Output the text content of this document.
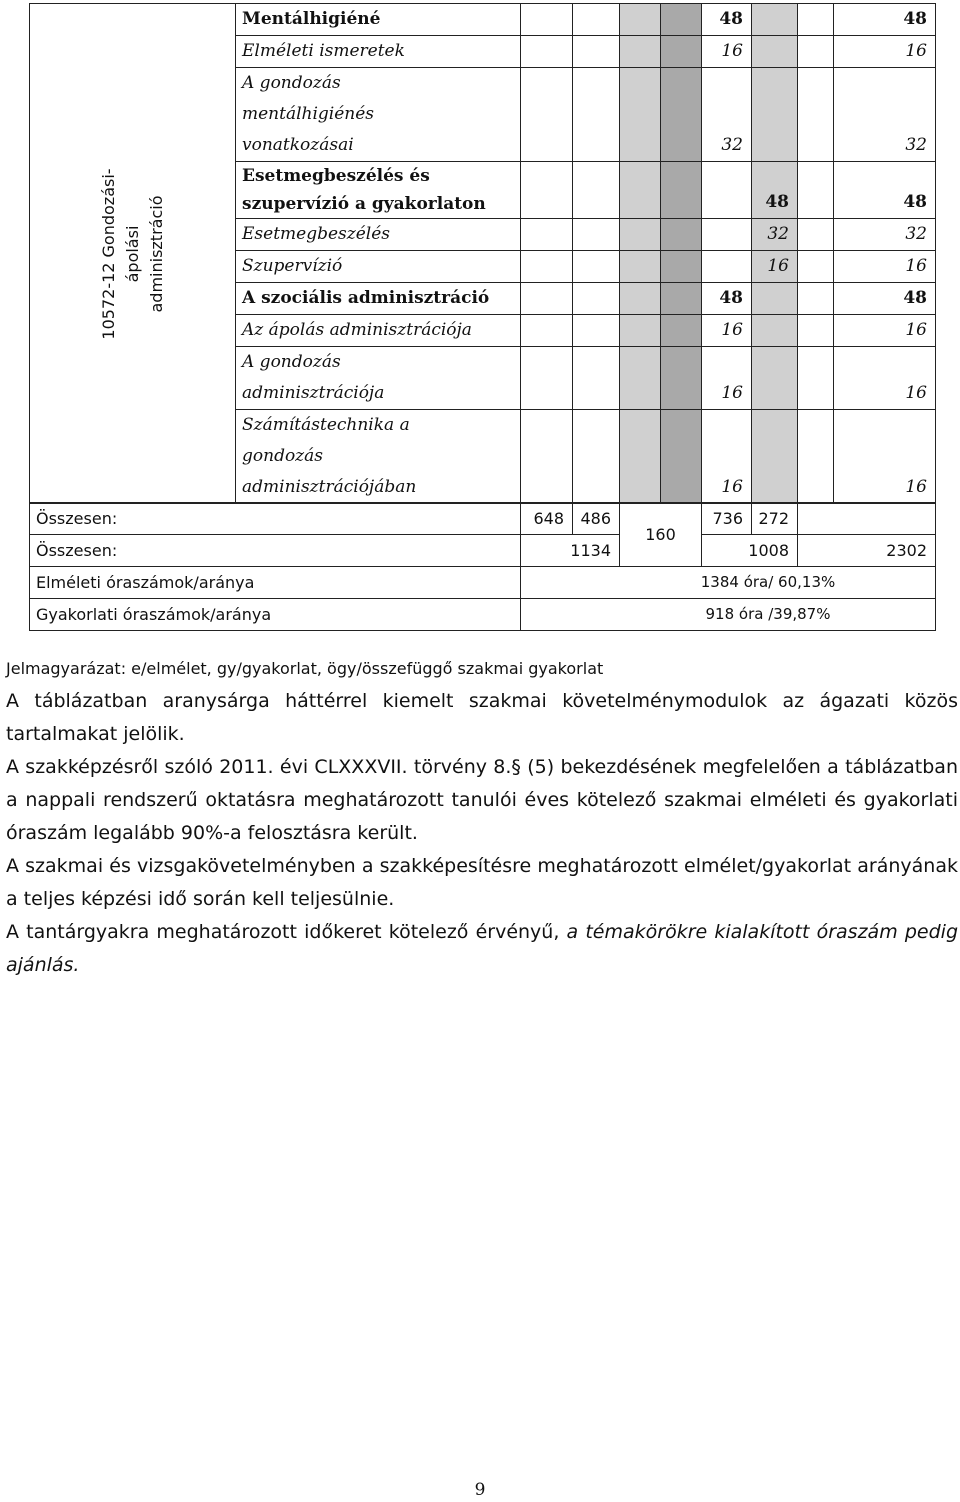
10572-12 Gondozási- ápolási adminisztráció	Mentálhigiéné					48			48
	Elméleti ismeretek					16			16

	A gondozás
mentálhigiénés
vonatkozásai					32			32

	Esetmegbeszélés és
szupervízió a gyakorlaton						48		48
	Esetmegbeszélés						32		32
	Szupervízió						16		16
	A szociális adminisztráció					48			48
	Az ápolás adminisztrációja					16			16

	A gondozás
adminisztrációja					16			16

	Számítástechnika a
gondozás
adminisztrációjában					16			16
Összesen:	648	486	160	736	272	
Összesen:	1134			1008		2302
Elméleti óraszámok/aránya	1384 óra/ 60,13%					
Gyakorlati óraszámok/aránya	918 óra /39,87%					

Jelmagyarázat: e/elmélet, gy/gyakorlat, ögy/összefüggő szakmai gyakorlat

A táblázatban aranysárga háttérrel kiemelt szakmai követelménymodulok az ágazati közös tartalmakat jelölik.

A szakképzésről szóló 2011. évi CLXXXVII. törvény 8.§ (5) bekezdésének megfelelően a táblázatban a nappali rendszerű oktatásra meghatározott tanulói éves kötelező szakmai elméleti és gyakorlati óraszám legalább 90%-a felosztásra került.

A szakmai és vizsgakövetelményben a szakképesítésre meghatározott elmélet/gyakorlat arányának a teljes képzési idő során kell teljesülnie.

A tantárgyakra meghatározott időkeret kötelező érvényű, a témakörökre kialakított óraszám pedig ajánlás.

9
